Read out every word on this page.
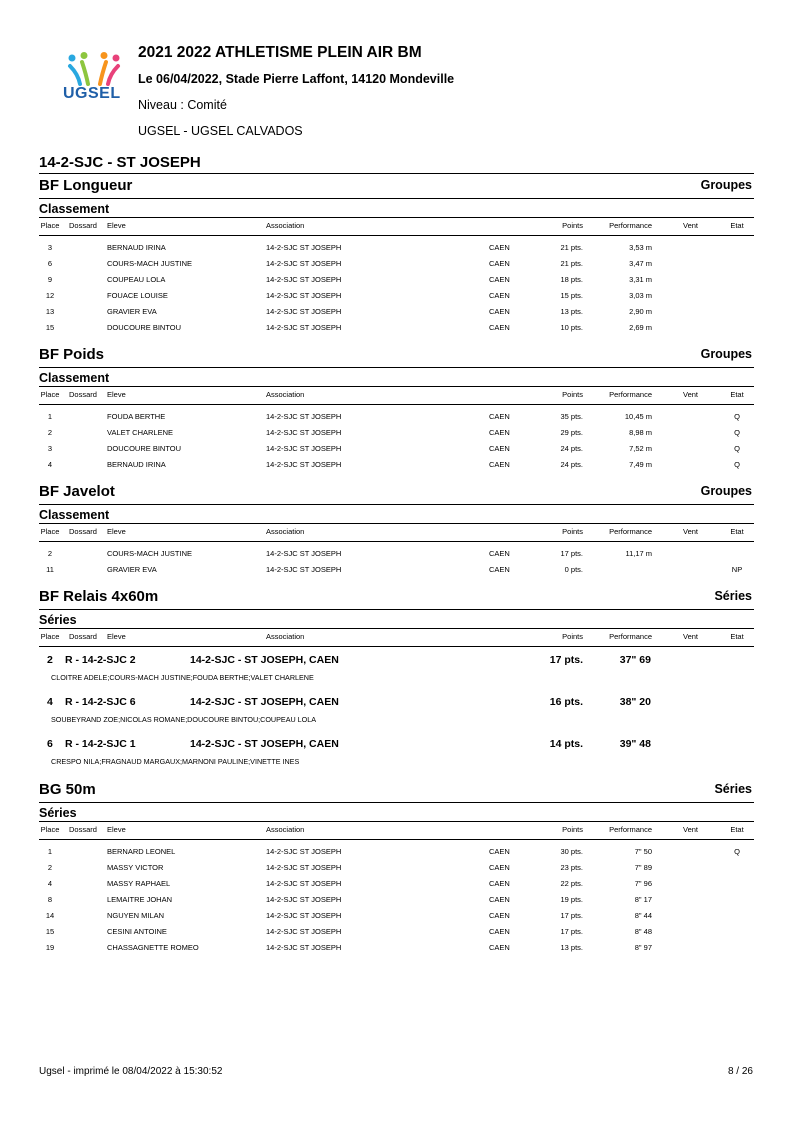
UGSEL
2021 2022 ATHLETISME PLEIN AIR BM
Le 06/04/2022, Stade Pierre Laffont, 14120 Mondeville
Niveau : Comité
UGSEL - UGSEL CALVADOS
14-2-SJC - ST JOSEPH
BF Longueur	Groupes
Classement
Place Dossard Eleve	Association	Points	Performance	Vent	Etat
3	BERNAUD IRINA	14-2-SJC ST JOSEPH	CAEN	21 pts.	3,53 m
6	COURS-MACH JUSTINE	14-2-SJC ST JOSEPH	CAEN	21 pts.	3,47 m
9	COUPEAU LOLA	14-2-SJC ST JOSEPH	CAEN	18 pts.	3,31 m
12	FOUACE LOUISE	14-2-SJC ST JOSEPH	CAEN	15 pts.	3,03 m
13	GRAVIER EVA	14-2-SJC ST JOSEPH	CAEN	13 pts.	2,90 m
15	DOUCOURE BINTOU	14-2-SJC ST JOSEPH	CAEN	10 pts.	2,69 m
BF Poids	Groupes
Classement
Place Dossard Eleve	Association	Points	Performance	Vent	Etat
1	FOUDA BERTHE	14-2-SJC ST JOSEPH	CAEN	35 pts.	10,45 m	Q
2	VALET CHARLENE	14-2-SJC ST JOSEPH	CAEN	29 pts.	8,98 m	Q
3	DOUCOURE BINTOU	14-2-SJC ST JOSEPH	CAEN	24 pts.	7,52 m	Q
4	BERNAUD IRINA	14-2-SJC ST JOSEPH	CAEN	24 pts.	7,49 m	Q
BF Javelot	Groupes
Classement
Place Dossard Eleve	Association	Points	Performance	Vent	Etat
2	COURS-MACH JUSTINE	14-2-SJC ST JOSEPH	CAEN	17 pts.	11,17 m
11	GRAVIER EVA	14-2-SJC ST JOSEPH	CAEN	0 pts.	NP
BF Relais 4x60m	Séries
Séries
Place Dossard Eleve	Association	Points	Performance	Vent	Etat
2 R - 14-2-SJC 2	14-2-SJC - ST JOSEPH, CAEN	17 pts.	37" 69
CLOITRE ADELE;COURS-MACH JUSTINE;FOUDA BERTHE;VALET CHARLENE
4 R - 14-2-SJC 6	14-2-SJC - ST JOSEPH, CAEN	16 pts.	38" 20
SOUBEYRAND ZOE;NICOLAS ROMANE;DOUCOURE BINTOU;COUPEAU LOLA
6 R - 14-2-SJC 1	14-2-SJC - ST JOSEPH, CAEN	14 pts.	39" 48
CRESPO NILA;FRAGNAUD MARGAUX;MARNONI PAULINE;VINETTE INES
BG 50m	Séries
Séries
Place Dossard Eleve	Association	Points	Performance	Vent	Etat
1	BERNARD LEONEL	14-2-SJC ST JOSEPH	CAEN	30 pts.	7" 50	Q
2	MASSY VICTOR	14-2-SJC ST JOSEPH	CAEN	23 pts.	7" 89
4	MASSY RAPHAEL	14-2-SJC ST JOSEPH	CAEN	22 pts.	7" 96
8	LEMAITRE JOHAN	14-2-SJC ST JOSEPH	CAEN	19 pts.	8" 17
14	NGUYEN MILAN	14-2-SJC ST JOSEPH	CAEN	17 pts.	8" 44
15	CESINI ANTOINE	14-2-SJC ST JOSEPH	CAEN	17 pts.	8" 48
19	CHASSAGNETTE ROMEO	14-2-SJC ST JOSEPH	CAEN	13 pts.	8" 97
Ugsel - imprimé le 08/04/2022 à 15:30:52	8 / 26
